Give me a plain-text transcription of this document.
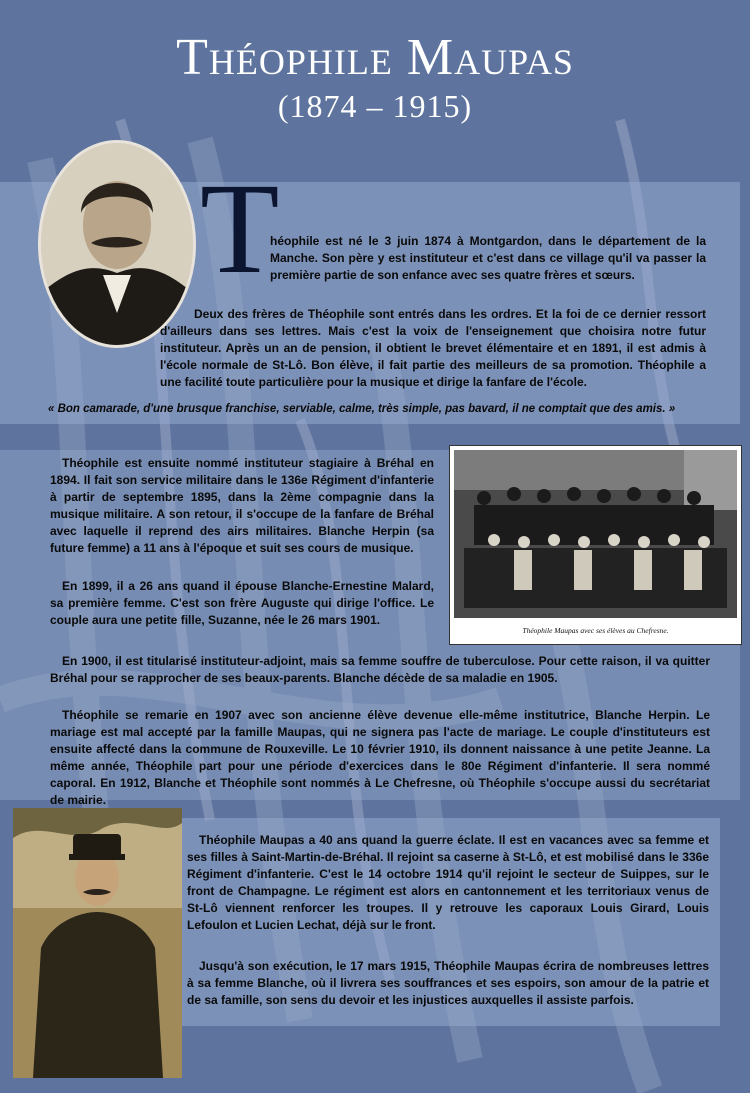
Théophile Maupas
(1874 – 1915)
T
héophile est né le 3 juin 1874 à Montgardon, dans le département de la Manche. Son père y est instituteur et c'est dans ce village qu'il va passer la première partie de son enfance avec ses quatre frères et sœurs.
Deux des frères de Théophile sont entrés dans les ordres. Et la foi de ce dernier ressort d'ailleurs dans ses lettres. Mais c'est la voix de l'enseignement que choisira notre futur instituteur. Après un an de pension, il obtient le brevet élémentaire et en 1891, il est admis à l'école normale de St-Lô. Bon élève, il fait partie des meilleurs de sa promotion. Théophile a une facilité toute particulière pour la musique et dirige la fanfare de l'école.
« Bon camarade, d'une brusque franchise, serviable, calme, très simple, pas bavard, il ne comptait que des amis. »
Théophile Maupas avec ses élèves au Chefresne.
Théophile est ensuite nommé instituteur stagiaire à Bréhal en 1894. Il fait son service militaire dans le 136e Régiment d'infanterie à partir de septembre 1895, dans la 2ème compagnie dans la musique militaire. A son retour, il s'occupe de la fanfare de Bréhal avec laquelle il reprend des airs militaires. Blanche Herpin (sa future femme) a 11 ans à l'époque et suit ses cours de musique.
En 1899, il a 26 ans quand il épouse Blanche-Ernestine Malard, sa première femme. C'est son frère Auguste qui dirige l'office. Le couple aura une petite fille, Suzanne, née le 26 mars 1901.
En 1900, il est titularisé instituteur-adjoint, mais sa femme souffre de tuberculose. Pour cette raison, il va quitter Bréhal pour se rapprocher de ses beaux-parents. Blanche décède de sa maladie en 1905.
Théophile se remarie en 1907 avec son ancienne élève devenue elle-même institutrice, Blanche Herpin. Le mariage est mal accepté par la famille Maupas, qui ne signera pas l'acte de mariage. Le couple d'instituteurs est ensuite affecté dans la commune de Rouxeville. Le 10 février 1910, ils donnent naissance à une petite Jeanne. La même année, Théophile part pour une période d'exercices dans le 80e Régiment d'infanterie. Il sera nommé caporal. En 1912, Blanche et Théophile sont nommés à Le Chefresne, où Théophile s'occupe aussi du secrétariat de mairie.
Théophile Maupas a 40 ans quand la guerre éclate. Il est en vacances avec sa femme et ses filles à Saint-Martin-de-Bréhal. Il rejoint sa caserne à St-Lô, et est mobilisé dans le 336e Régiment d'infanterie. C'est le 14 octobre 1914 qu'il rejoint le secteur de Suippes, sur le front de Champagne. Le régiment est alors en cantonnement et les territoriaux venus de St-Lô viennent renforcer les troupes. Il y retrouve les caporaux Louis Girard, Louis Lefoulon et Lucien Lechat, déjà sur le front.
Jusqu'à son exécution, le 17 mars 1915, Théophile Maupas écrira de nombreuses lettres à sa femme Blanche, où il livrera ses souffrances et ses espoirs, son amour de la patrie et de sa famille, son sens du devoir et les injustices auxquelles il assiste parfois.
